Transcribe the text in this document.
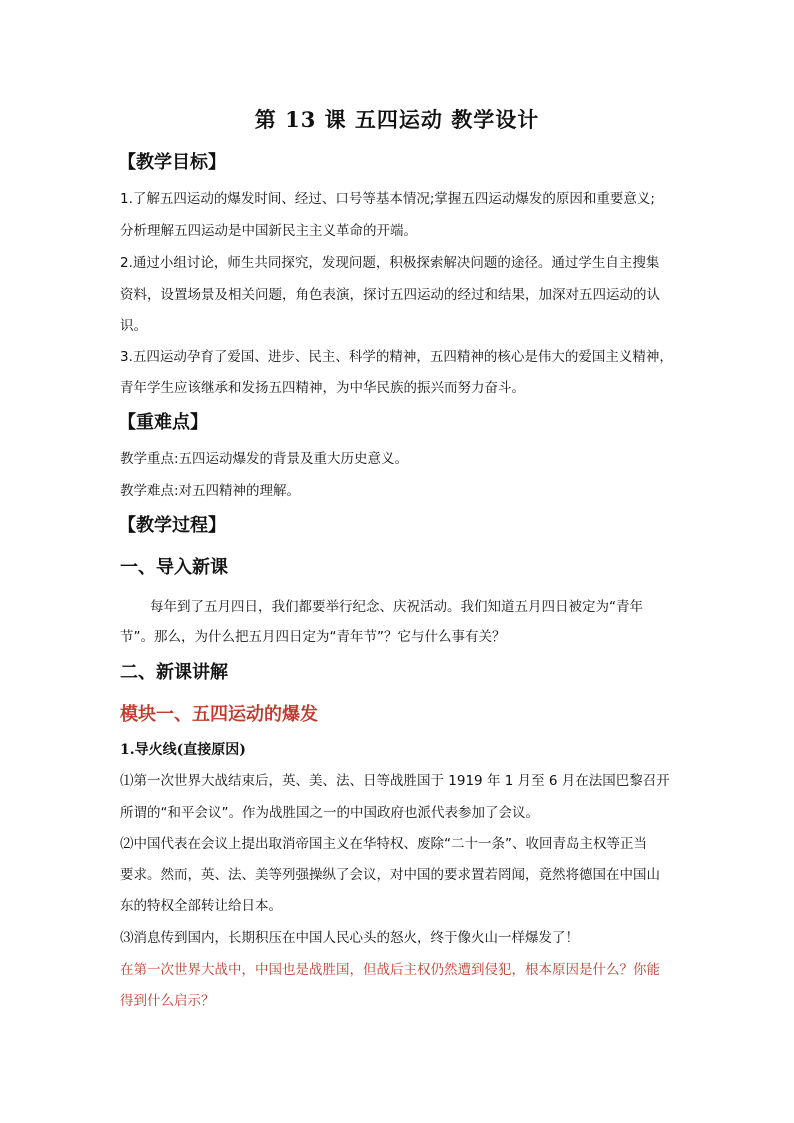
第 13 课 五四运动 教学设计
【教学目标】
1.了解五四运动的爆发时间、经过、口号等基本情况;掌握五四运动爆发的原因和重要意义;
分析理解五四运动是中国新民主主义革命的开端。
2.通过小组讨论，师生共同探究，发现问题，积极探索解决问题的途径。通过学生自主搜集
资料，设置场景及相关问题，角色表演，探讨五四运动的经过和结果，加深对五四运动的认
识。
3.五四运动孕育了爱国、进步、民主、科学的精神，五四精神的核心是伟大的爱国主义精神，
青年学生应该继承和发扬五四精神，为中华民族的振兴而努力奋斗。
【重难点】
教学重点:五四运动爆发的背景及重大历史意义。
教学难点:对五四精神的理解。
【教学过程】
一、导入新课
每年到了五月四日，我们都要举行纪念、庆祝活动。我们知道五月四日被定为“青年
节”。那么，为什么把五月四日定为“青年节”？它与什么事有关？
二、新课讲解
模块一、五四运动的爆发
1.导火线(直接原因)
⑴第一次世界大战结束后，英、美、法、日等战胜国于 1919 年 1 月至 6 月在法国巴黎召开
所谓的“和平会议”。作为战胜国之一的中国政府也派代表参加了会议。
⑵中国代表在会议上提出取消帝国主义在华特权、废除“二十一条”、收回青岛主权等正当
要求。然而，英、法、美等列强操纵了会议，对中国的要求置若罔闻，竟然将德国在中国山
东的特权全部转让给日本。
⑶消息传到国内，长期积压在中国人民心头的怒火，终于像火山一样爆发了！
在第一次世界大战中，中国也是战胜国，但战后主权仍然遭到侵犯，根本原因是什么？你能
得到什么启示？
